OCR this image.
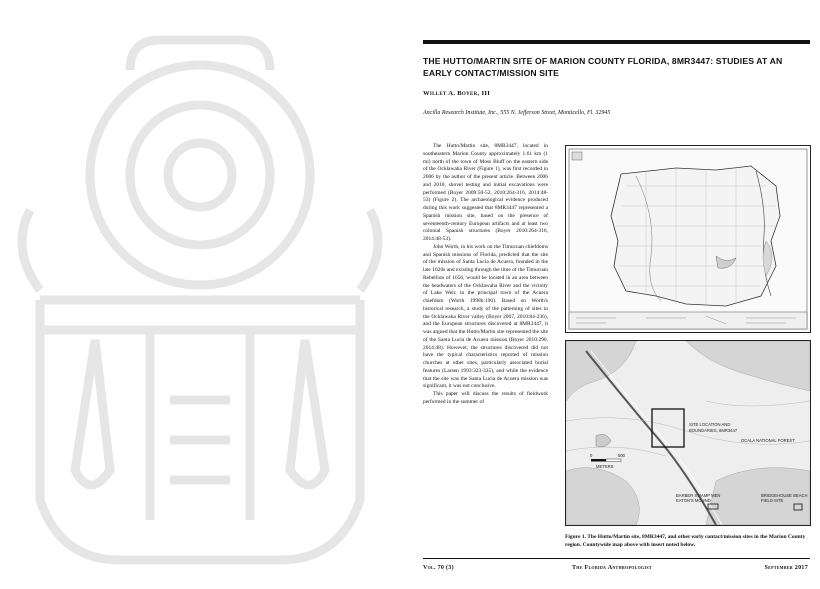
THE HUTTO/MARTIN SITE OF MARION COUNTY FLORIDA, 8MR3447: STUDIES AT AN EARLY CONTACT/MISSION SITE
Willet A. Boyer, III
Ancilla Research Institute, Inc., 555 N. Jefferson Street, Monticello, Fl. 32945

The Hutto/Martin site, 8MR3447, located in southeastern Marion County approximately 1.61 km (1 mi) north of the town of Moss Bluff on the eastern side of the Ocklawaha River (Figure 1), was first recorded in 2006 by the author of the present article. Between 2006 and 2010, shovel testing and initial excavations were performed (Boyer 2009:50-52, 2010:264-316, 2014:48-53) (Figure 2). The archaeological evidence produced during this work suggested that 8MR3447 represented a Spanish mission site, based on the presence of seventeenth-century European artifacts and at least two colonial Spanish structures (Boyer 2010:264-316, 2014:48-53).

John Worth, in his work on the Timucuan chiefdoms and Spanish missions of Florida, predicted that the site of the mission of Santa Lucia de Acuera, founded in the late 1620s and existing through the time of the Timucuan Rebellion of 1656, would be located in an area between the headwaters of the Ocklawaha River and the vicinity of Lake Weir, in the principal town of the Acuera chiefdom (Worth 1998b:190). Based on Worth's historical research, a study of the patterning of sites in the Ocklawaha River valley (Boyer 2007, 2010:84-236), and the European structures discovered at 8MR3447, it was argued that the Hutto/Martin site represented the site of the Santa Lucia de Acuera mission (Boyer 2010:290, 2014:48). However, the structures discovered did not have the typical characteristics reported of mission churches at other sites, particularly associated burial features (Larsen 1993:323-335), and while the evidence that the site was the Santa Lucia de Acuera mission was significant, it was not conclusive.

This paper will discuss the results of fieldwork performed in the summer of

SITE LOCATION AND
BOUNDARIES, 8MR3447
OCALA NATIONAL FOREST
BARBER SWAMP MEN
EATON'S MOUND
BRIDGEHOUSE BEACH
FIELD SITE
0	500
METERS
Figure 1. The Hutto/Martin site, 8MR3447, and other early contact/mission sites in the Marion County region. Countywide map above with insert noted below.
Vol. 70 (3)	The Florida Anthropologist	September 2017
